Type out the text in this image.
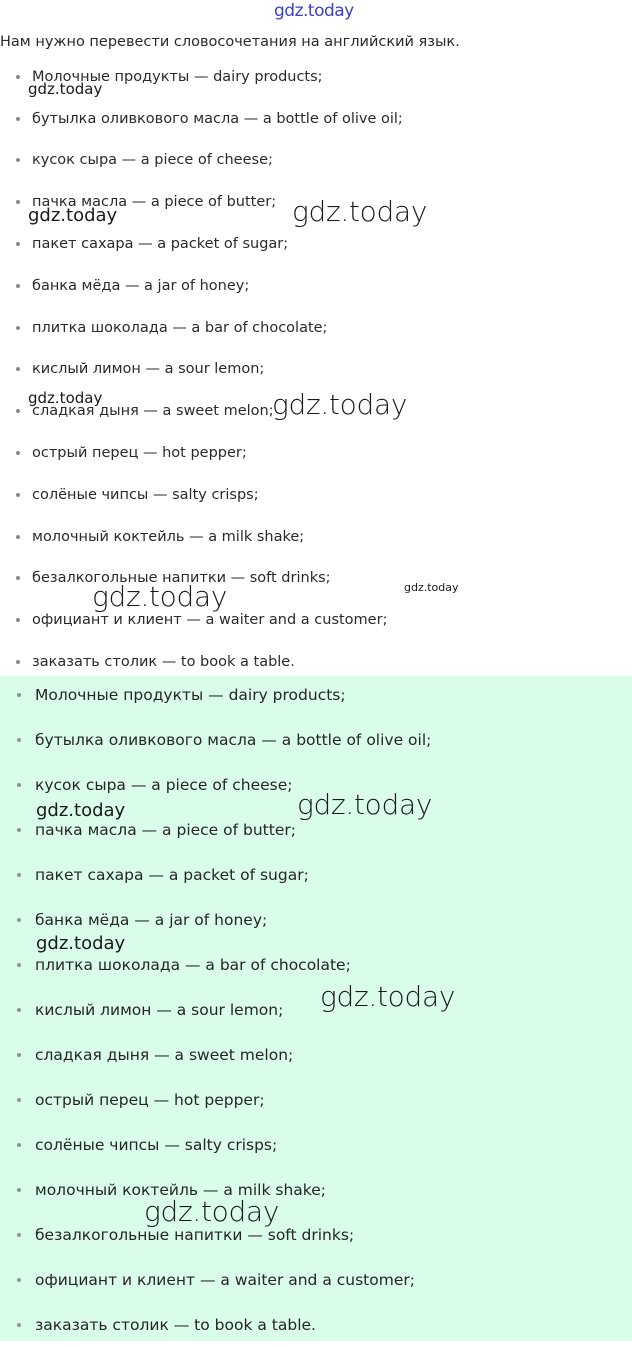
gdz.today
Нам нужно перевести словосочетания на английский язык.
Молочные продукты — dairy products;
бутылка оливкового масла — a bottle of olive oil;
кусок сыра — a piece of cheese;
пачка масла — a piece of butter;
пакет сахара — a packet of sugar;
банка мёда — a jar of honey;
плитка шоколада — a bar of chocolate;
кислый лимон — a sour lemon;
сладкая дыня — a sweet melon;
острый перец — hot pepper;
солёные чипсы — salty crisps;
молочный коктейль — a milk shake;
безалкогольные напитки — soft drinks;
официант и клиент — a waiter and a customer;
заказать столик — to book a table.
Молочные продукты — dairy products;
бутылка оливкового масла — a bottle of olive oil;
кусок сыра — a piece of cheese;
пачка масла — a piece of butter;
пакет сахара — a packet of sugar;
банка мёда — a jar of honey;
плитка шоколада — a bar of chocolate;
кислый лимон — a sour lemon;
сладкая дыня — a sweet melon;
острый перец — hot pepper;
солёные чипсы — salty crisps;
молочный коктейль — a milk shake;
безалкогольные напитки — soft drinks;
официант и клиент — a waiter and a customer;
заказать столик — to book a table.
gdz.today
gdz.today	gdz.today
gdz.today	gdz.today
gdz.today
gdz.today
gdz.today	gdz.today
gdz.today
gdz.today
gdz.today
